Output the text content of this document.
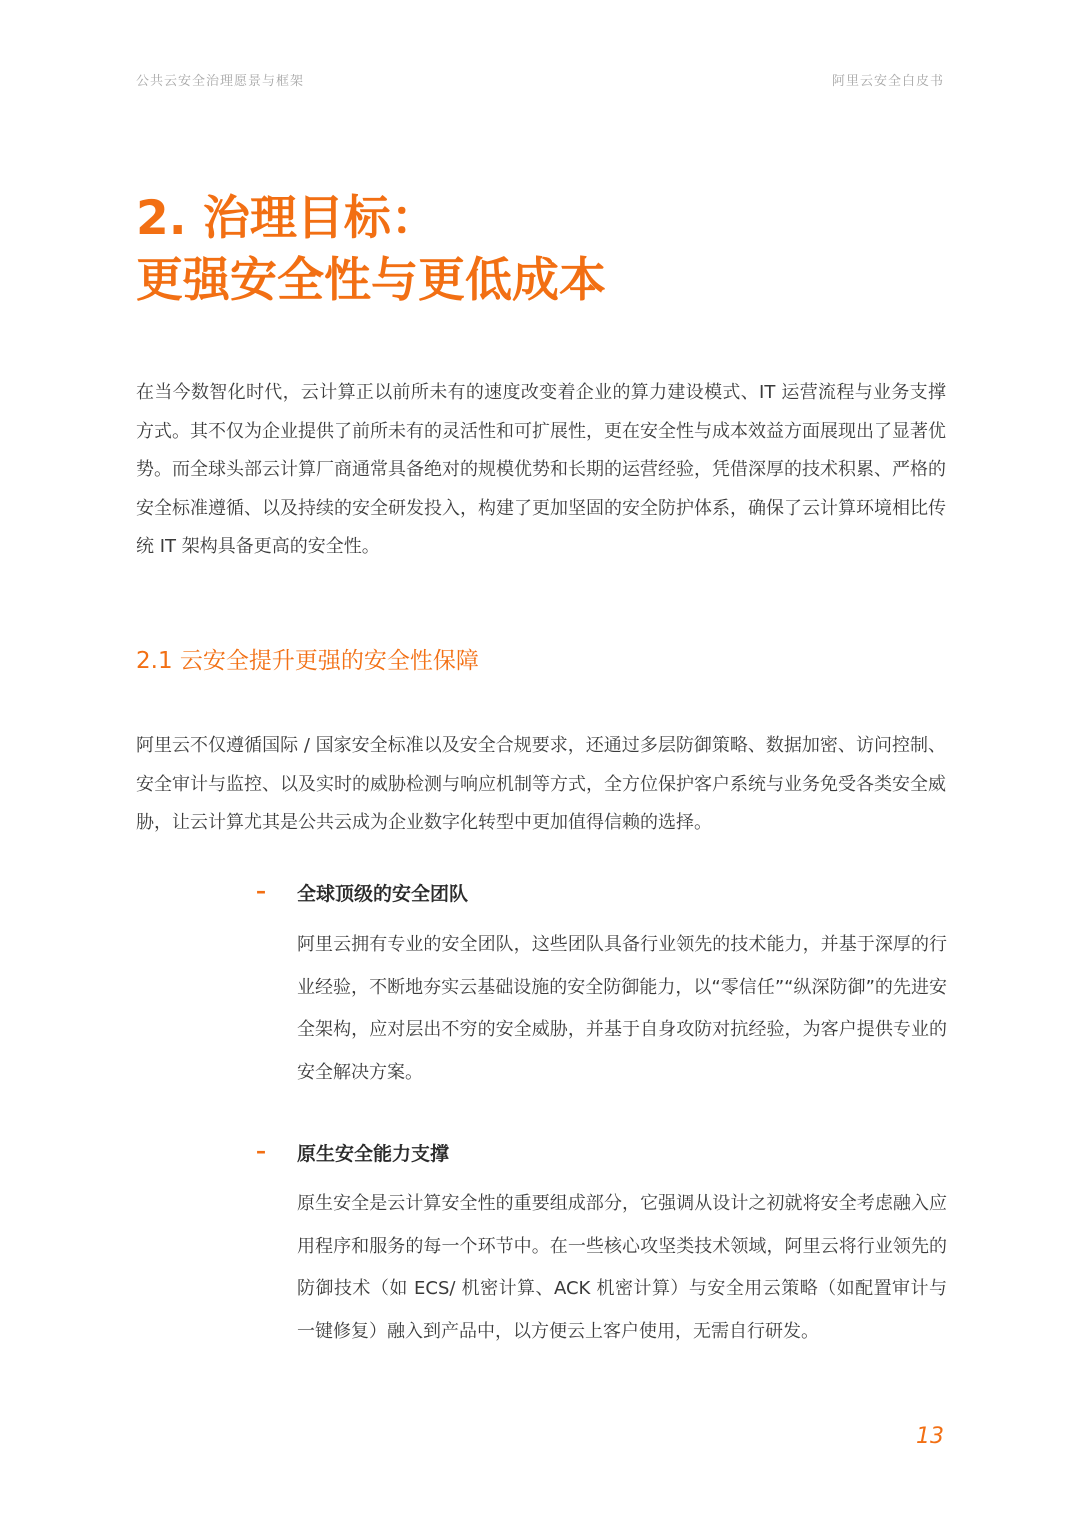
公共云安全治理愿景与框架	阿里云安全白皮书
2. 治理目标：
更强安全性与更低成本

在当今数智化时代，云计算正以前所未有的速度改变着企业的算力建设模式、IT 运营流程与业务支撑方式。其不仅为企业提供了前所未有的灵活性和可扩展性，更在安全性与成本效益方面展现出了显著优势。而全球头部云计算厂商通常具备绝对的规模优势和长期的运营经验，凭借深厚的技术积累、严格的安全标准遵循、以及持续的安全研发投入，构建了更加坚固的安全防护体系，确保了云计算环境相比传统 IT 架构具备更高的安全性。

2.1 云安全提升更强的安全性保障

阿里云不仅遵循国际 / 国家安全标准以及安全合规要求，还通过多层防御策略、数据加密、访问控制、安全审计与监控、以及实时的威胁检测与响应机制等方式，全方位保护客户系统与业务免受各类安全威胁，让云计算尤其是公共云成为企业数字化转型中更加值得信赖的选择。

– 全球顶级的安全团队

阿里云拥有专业的安全团队，这些团队具备行业领先的技术能力，并基于深厚的行业经验，不断地夯实云基础设施的安全防御能力，以“零信任”“纵深防御”的先进安全架构，应对层出不穷的安全威胁，并基于自身攻防对抗经验，为客户提供专业的安全解决方案。

– 原生安全能力支撑

原生安全是云计算安全性的重要组成部分，它强调从设计之初就将安全考虑融入应用程序和服务的每一个环节中。在一些核心攻坚类技术领域，阿里云将行业领先的防御技术（如 ECS/ 机密计算、ACK 机密计算）与安全用云策略（如配置审计与一键修复）融入到产品中，以方便云上客户使用，无需自行研发。

13
